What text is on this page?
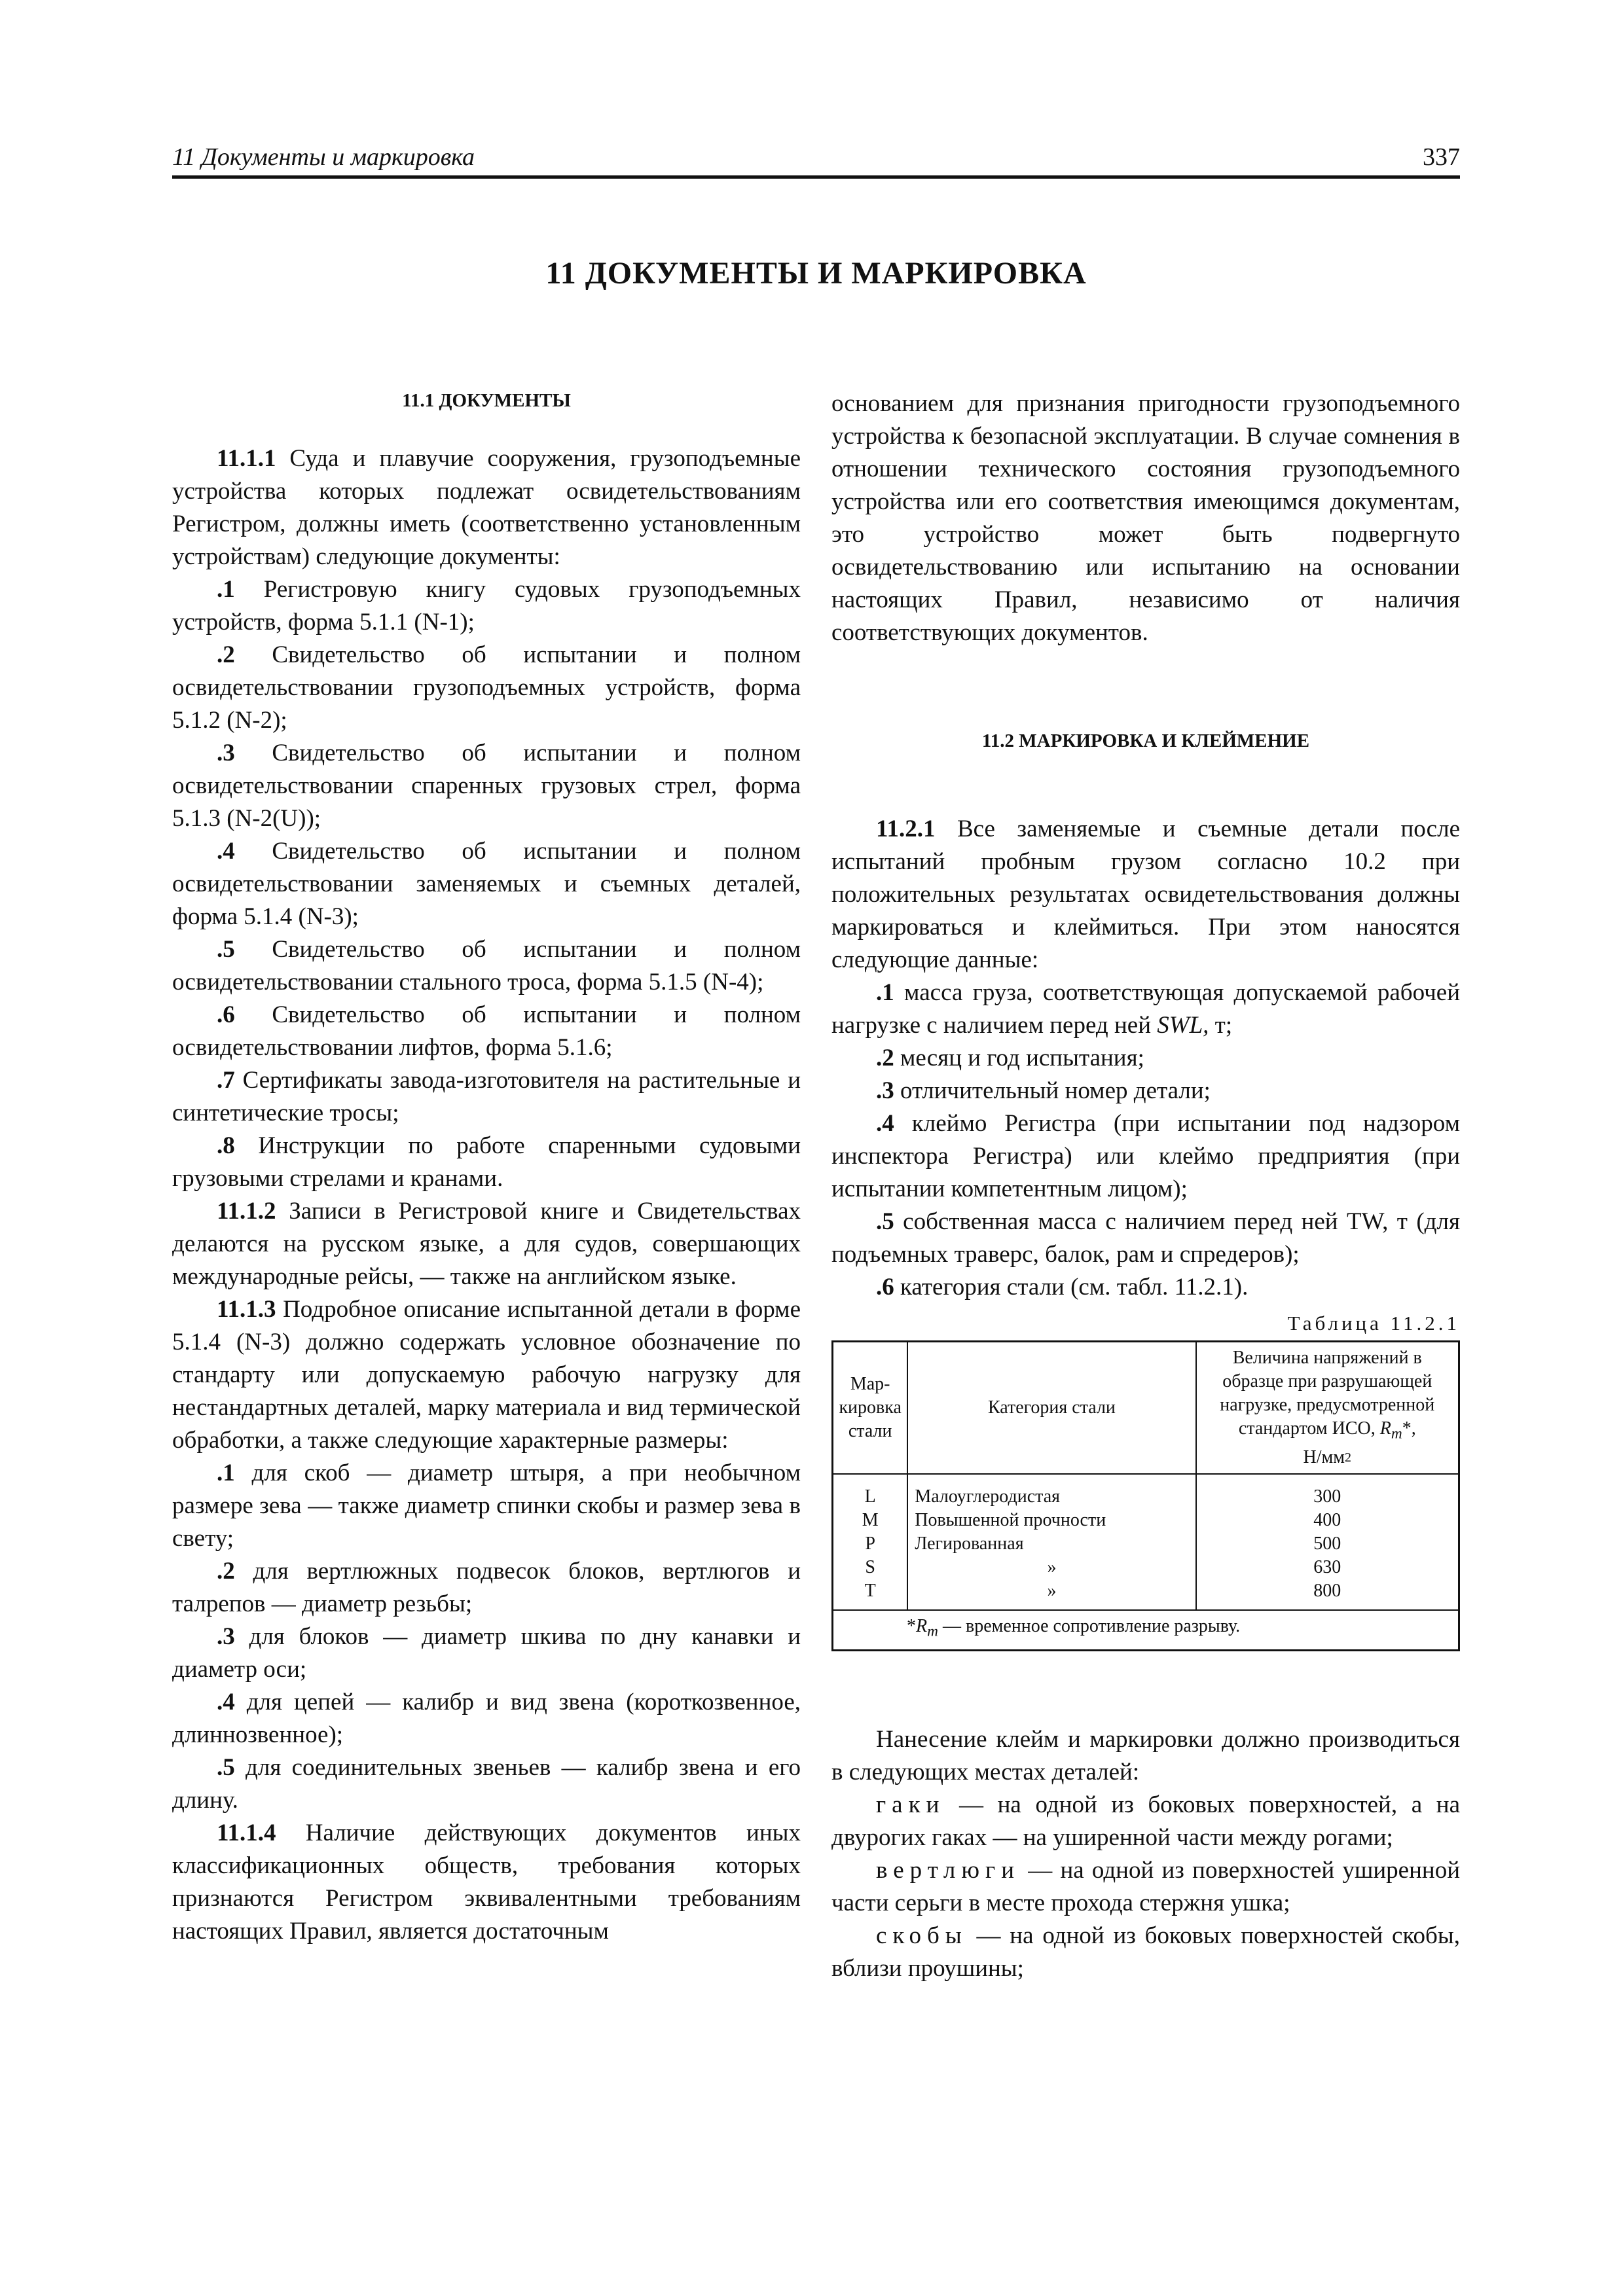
11 Документы и маркировка	337
11 ДОКУМЕНТЫ И МАРКИРОВКА
11.1 ДОКУМЕНТЫ

11.1.1 Суда и плавучие сооружения, грузоподъемные устройства которых подлежат освидетельствованиям Регистром, должны иметь (соответственно установленным устройствам) следующие документы:

.1 Регистровую книгу судовых грузоподъемных устройств, форма 5.1.1 (N-1);

.2 Свидетельство об испытании и полном освидетельствовании грузоподъемных устройств, форма 5.1.2 (N-2);

.3 Свидетельство об испытании и полном освидетельствовании спаренных грузовых стрел, форма 5.1.3 (N-2(U));

.4 Свидетельство об испытании и полном освидетельствовании заменяемых и съемных деталей, форма 5.1.4 (N-3);

.5 Свидетельство об испытании и полном освидетельствовании стального троса, форма 5.1.5 (N-4);

.6 Свидетельство об испытании и полном освидетельствовании лифтов, форма 5.1.6;

.7 Сертификаты завода-изготовителя на растительные и синтетические тросы;

.8 Инструкции по работе спаренными судовыми грузовыми стрелами и кранами.

11.1.2 Записи в Регистровой книге и Свидетельствах делаются на русском языке, а для судов, совершающих международные рейсы, — также на английском языке.

11.1.3 Подробное описание испытанной детали в форме 5.1.4 (N-3) должно содержать условное обозначение по стандарту или допускаемую рабочую нагрузку для нестандартных деталей, марку материала и вид термической обработки, а также следующие характерные размеры:

.1 для скоб — диаметр штыря, а при необычном размере зева — также диаметр спинки скобы и размер зева в свету;

.2 для вертлюжных подвесок блоков, вертлюгов и талрепов — диаметр резьбы;

.3 для блоков — диаметр шкива по дну канавки и диаметр оси;

.4 для цепей — калибр и вид звена (короткозвенное, длиннозвенное);

.5 для соединительных звеньев — калибр звена и его длину.

11.1.4 Наличие действующих документов иных классификационных обществ, требования которых признаются Регистром эквивалентными требованиям настоящих Правил, является достаточным

основанием для признания пригодности грузоподъемного устройства к безопасной эксплуатации. В случае сомнения в отношении технического состояния грузоподъемного устройства или его соответствия имеющимся документам, это устройство может быть подвергнуто освидетельствованию или испытанию на основании настоящих Правил, независимо от наличия соответствующих документов.

11.2 МАРКИРОВКА И КЛЕЙМЕНИЕ

11.2.1 Все заменяемые и съемные детали после испытаний пробным грузом согласно 10.2 при положительных результатах освидетельствования должны маркироваться и клеймиться. При этом наносятся следующие данные:

.1 масса груза, соответствующая допускаемой рабочей нагрузке с наличием перед ней SWL, т;

.2 месяц и год испытания;

.3 отличительный номер детали;

.4 клеймо Регистра (при испытании под надзором инспектора Регистра) или клеймо предприятия (при испытании компетентным лицом);

.5 собственная масса с наличием перед ней TW, т (для подъемных траверс, балок, рам и спредеров);

.6 категория стали (см. табл. 11.2.1).

Таблица 11.2.1
Мар-кировка стали	Категория стали	Величина напряжений в образце при разрушающей нагрузке, предусмотренной стандартом ИСО, $R_m*$,
$Н/мм^2$
L	Малоуглеродистая	300
M	Повышенной прочности	400
P	Легированная	500
S	»	630
T	»	800
$*R_m$ — временное сопротивление разрыву.		

Нанесение клейм и маркировки должно производиться в следующих местах деталей:

гаки — на одной из боковых поверхностей, а на двурогих гаках — на уширенной части между рогами;

вертлюги — на одной из поверхностей уширенной части серьги в месте прохода стержня ушка;

скобы — на одной из боковых поверхностей скобы, вблизи проушины;
